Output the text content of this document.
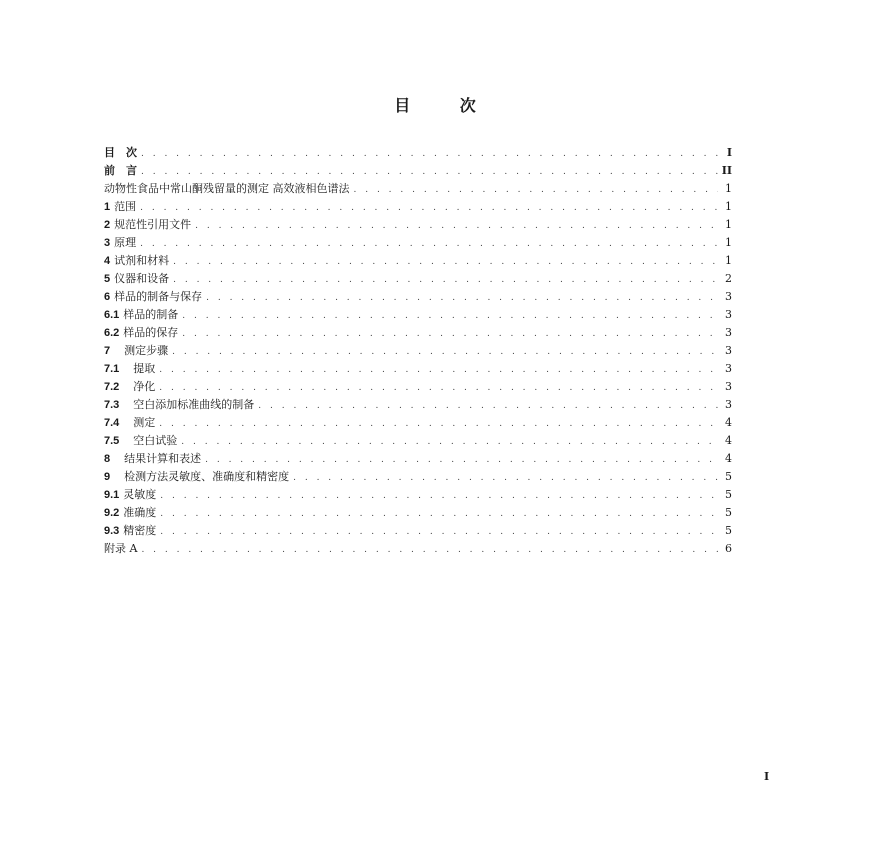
目 次
目　次 . . .	I
前　言 . . .	II
动物性食品中常山酮残留量的测定 高效液相色谱法 . . .	1
1 范围 . . .	1
2 规范性引用文件 . . .	1
3 原理 . . .	1
4 试剂和材料 . . .	1
5 仪器和设备 . . .	2
6 样品的制备与保存 . . .	3
6.1 样品的制备 . . .	3
6.2 样品的保存 . . .	3
7 测定步骤 . . .	3
7.1 提取 . . .	3
7.2 净化 . . .	3
7.3 空白添加标准曲线的制备 . . .	3
7.4 测定 . . .	4
7.5 空白试验 . . .	4
8 结果计算和表述 . . .	4
9 检测方法灵敏度、准确度和精密度 . . .	5
9.1 灵敏度 . . .	5
9.2 准确度 . . .	5
9.3 精密度 . . .	5
附录 A . . .	6
I
